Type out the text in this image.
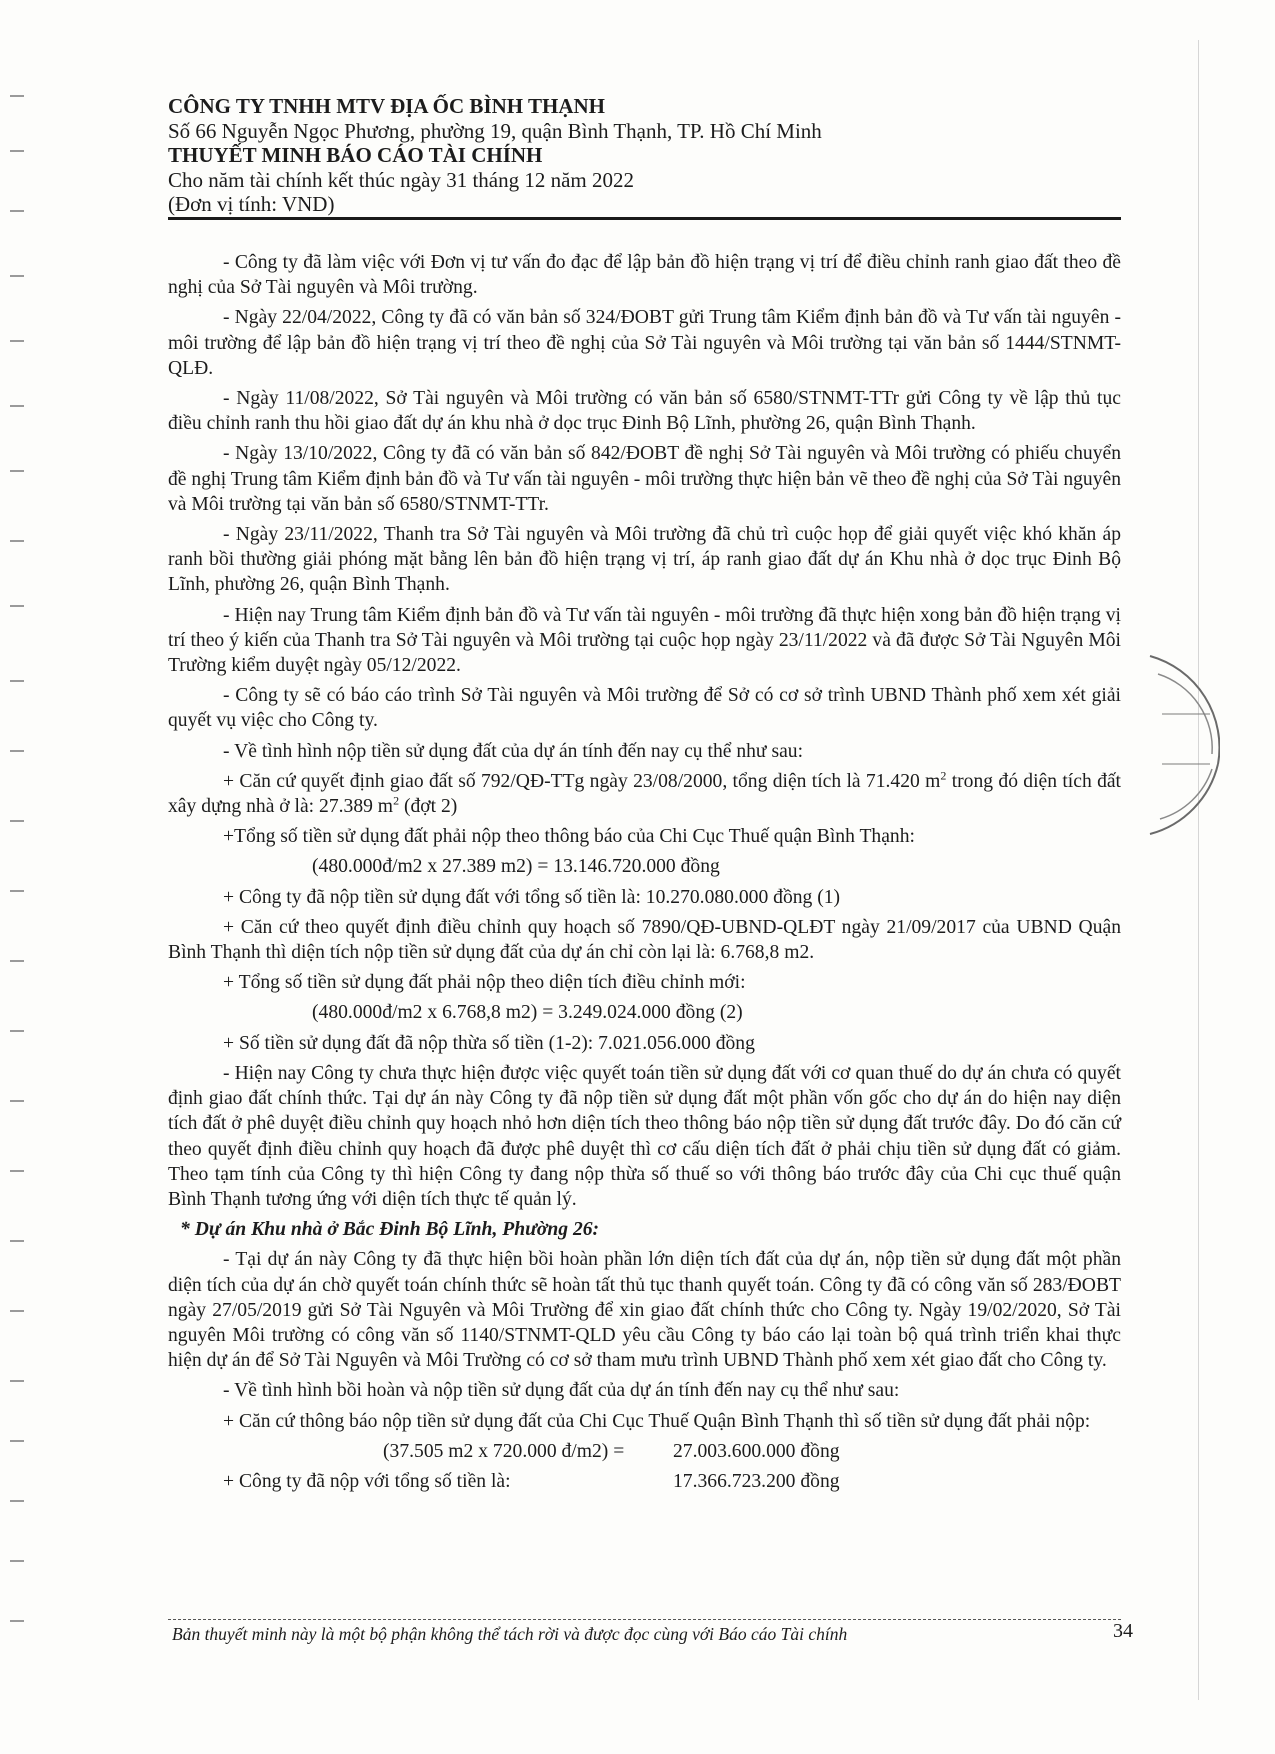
CÔNG TY TNHH MTV ĐỊA ỐC BÌNH THẠNH
Số 66 Nguyễn Ngọc Phương, phường 19, quận Bình Thạnh, TP. Hồ Chí Minh
THUYẾT MINH BÁO CÁO TÀI CHÍNH
Cho năm tài chính kết thúc ngày 31 tháng 12 năm 2022
(Đơn vị tính: VND)

- Công ty đã làm việc với Đơn vị tư vấn đo đạc để lập bản đồ hiện trạng vị trí để điều chỉnh ranh giao đất theo đề nghị của Sở Tài nguyên và Môi trường.

- Ngày 22/04/2022, Công ty đã có văn bản số 324/ĐOBT gửi Trung tâm Kiểm định bản đồ và Tư vấn tài nguyên - môi trường để lập bản đồ hiện trạng vị trí theo đề nghị của Sở Tài nguyên và Môi trường tại văn bản số 1444/STNMT-QLĐ.

- Ngày 11/08/2022, Sở Tài nguyên và Môi trường có văn bản số 6580/STNMT-TTr gửi Công ty về lập thủ tục điều chỉnh ranh thu hồi giao đất dự án khu nhà ở dọc trục Đinh Bộ Lĩnh, phường 26, quận Bình Thạnh.

- Ngày 13/10/2022, Công ty đã có văn bản số 842/ĐOBT đề nghị Sở Tài nguyên và Môi trường có phiếu chuyển đề nghị Trung tâm Kiểm định bản đồ và Tư vấn tài nguyên - môi trường thực hiện bản vẽ theo đề nghị của Sở Tài nguyên và Môi trường tại văn bản số 6580/STNMT-TTr.

- Ngày 23/11/2022, Thanh tra Sở Tài nguyên và Môi trường đã chủ trì cuộc họp để giải quyết việc khó khăn áp ranh bồi thường giải phóng mặt bằng lên bản đồ hiện trạng vị trí, áp ranh giao đất dự án Khu nhà ở dọc trục Đinh Bộ Lĩnh, phường 26, quận Bình Thạnh.

- Hiện nay Trung tâm Kiểm định bản đồ và Tư vấn tài nguyên - môi trường đã thực hiện xong bản đồ hiện trạng vị trí theo ý kiến của Thanh tra Sở Tài nguyên và Môi trường tại cuộc họp ngày 23/11/2022 và đã được Sở Tài Nguyên Môi Trường kiểm duyệt ngày 05/12/2022.

- Công ty sẽ có báo cáo trình Sở Tài nguyên và Môi trường để Sở có cơ sở trình UBND Thành phố xem xét giải quyết vụ việc cho Công ty.

- Về tình hình nộp tiền sử dụng đất của dự án tính đến nay cụ thể như sau:

+ Căn cứ quyết định giao đất số 792/QĐ-TTg ngày 23/08/2000, tổng diện tích là 71.420 $m^2$ trong đó diện tích đất xây dựng nhà ở là: 27.389 $m^2$ (đợt 2)

+Tổng số tiền sử dụng đất phải nộp theo thông báo của Chi Cục Thuế quận Bình Thạnh:

(480.000đ/m2 x 27.389 m2) = 13.146.720.000 đồng

+ Công ty đã nộp tiền sử dụng đất với tổng số tiền là: 10.270.080.000 đồng (1)

+ Căn cứ theo quyết định điều chỉnh quy hoạch số 7890/QĐ-UBND-QLĐT ngày 21/09/2017 của UBND Quận Bình Thạnh thì diện tích nộp tiền sử dụng đất của dự án chỉ còn lại là: 6.768,8 m2.

+ Tổng số tiền sử dụng đất phải nộp theo diện tích điều chỉnh mới:

(480.000đ/m2 x 6.768,8 m2) = 3.249.024.000 đồng (2)

+ Số tiền sử dụng đất đã nộp thừa số tiền (1-2): 7.021.056.000 đồng

- Hiện nay Công ty chưa thực hiện được việc quyết toán tiền sử dụng đất với cơ quan thuế do dự án chưa có quyết định giao đất chính thức. Tại dự án này Công ty đã nộp tiền sử dụng đất một phần vốn gốc cho dự án do hiện nay diện tích đất ở phê duyệt điều chỉnh quy hoạch nhỏ hơn diện tích theo thông báo nộp tiền sử dụng đất trước đây. Do đó căn cứ theo quyết định điều chỉnh quy hoạch đã được phê duyệt thì cơ cấu diện tích đất ở phải chịu tiền sử dụng đất có giảm. Theo tạm tính của Công ty thì hiện Công ty đang nộp thừa số thuế so với thông báo trước đây của Chi cục thuế quận Bình Thạnh tương ứng với diện tích thực tế quản lý.

* Dự án Khu nhà ở Bắc Đinh Bộ Lĩnh, Phường 26:

- Tại dự án này Công ty đã thực hiện bồi hoàn phần lớn diện tích đất của dự án, nộp tiền sử dụng đất một phần diện tích của dự án chờ quyết toán chính thức sẽ hoàn tất thủ tục thanh quyết toán. Công ty đã có công văn số 283/ĐOBT ngày 27/05/2019 gửi Sở Tài Nguyên và Môi Trường để xin giao đất chính thức cho Công ty. Ngày 19/02/2020, Sở Tài nguyên Môi trường có công văn số 1140/STNMT-QLD yêu cầu Công ty báo cáo lại toàn bộ quá trình triển khai thực hiện dự án để Sở Tài Nguyên và Môi Trường có cơ sở tham mưu trình UBND Thành phố xem xét giao đất cho Công ty.

- Về tình hình bồi hoàn và nộp tiền sử dụng đất của dự án tính đến nay cụ thể như sau:

+ Căn cứ thông báo nộp tiền sử dụng đất của Chi Cục Thuế Quận Bình Thạnh thì số tiền sử dụng đất phải nộp:

(37.505 m2 x 720.000 đ/m2) =	27.003.600.000 đồng
+ Công ty đã nộp với tổng số tiền là:	17.366.723.200 đồng
Bản thuyết minh này là một bộ phận không thể tách rời và được đọc cùng với Báo cáo Tài chính	34
